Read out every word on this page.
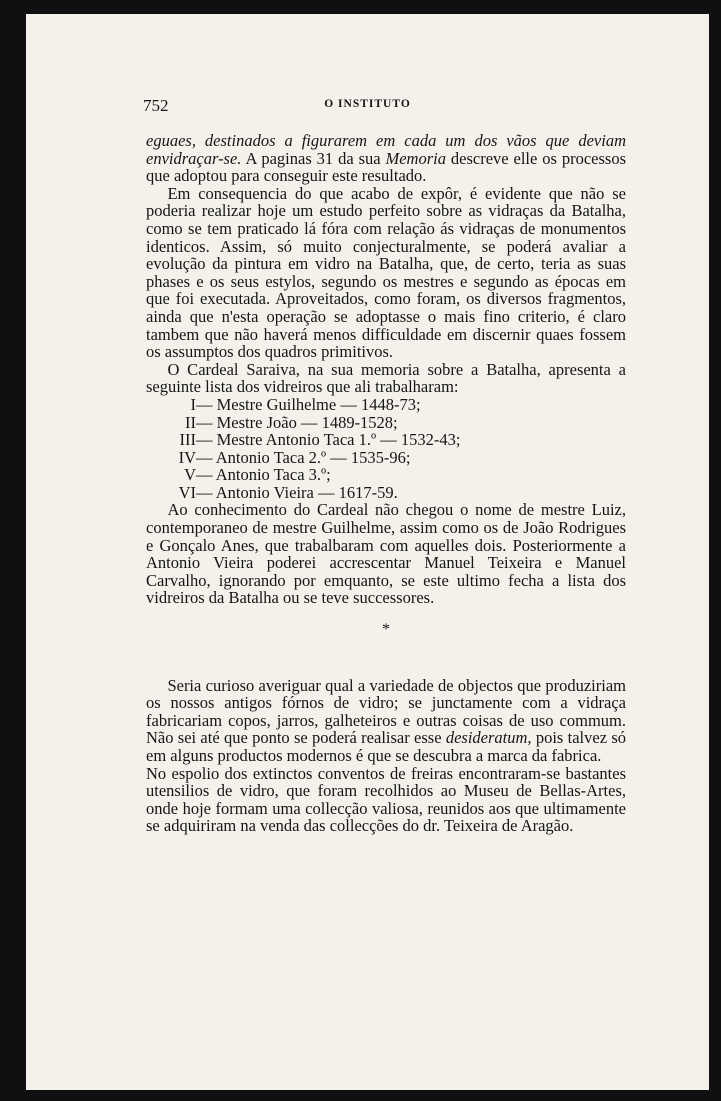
752	O INSTITUTO

eguaes, destinados a figurarem em cada um dos vãos que deviam envidraçar-se. A paginas 31 da sua Memoria descreve elle os processos que adoptou para conseguir este resultado.

Em consequencia do que acabo de expôr, é evidente que não se poderia realizar hoje um estudo perfeito sobre as vidraças da Batalha, como se tem praticado lá fóra com relação ás vidraças de monumentos identicos. Assim, só muito conjecturalmente, se poderá avaliar a evolução da pintura em vidro na Batalha, que, de certo, teria as suas phases e os seus estylos, segundo os mestres e segundo as épocas em que foi executada. Aproveitados, como foram, os diversos fragmentos, ainda que n'esta operação se adoptasse o mais fino criterio, é claro tambem que não haverá menos difficuldade em discernir quaes fossem os assumptos dos quadros primitivos.

O Cardeal Saraiva, na sua memoria sobre a Batalha, apresenta a seguinte lista dos vidreiros que ali trabalharam:

I— Mestre Guilhelme — 1448-73;
II— Mestre João — 1489-1528;
III— Mestre Antonio Taca 1.º — 1532-43;
IV— Antonio Taca 2.º — 1535-96;
V— Antonio Taca 3.º;
VI— Antonio Vieira — 1617-59.

Ao conhecimento do Cardeal não chegou o nome de mestre Luiz, contemporaneo de mestre Guilhelme, assim como os de João Rodrigues e Gonçalo Anes, que trabalbaram com aquelles dois. Posteriormente a Antonio Vieira poderei accrescentar Manuel Teixeira e Manuel Carvalho, ignorando por emquanto, se este ultimo fecha a lista dos vidreiros da Batalha ou se teve successores.

*

Seria curioso averiguar qual a variedade de objectos que produziriam os nossos antigos fórnos de vidro; se junctamente com a vidraça fabricariam copos, jarros, galheteiros e outras coisas de uso commum. Não sei até que ponto se poderá realisar esse desideratum, pois talvez só em alguns productos modernos é que se descubra a marca da fabrica.

No espolio dos extinctos conventos de freiras encontraram-se bastantes utensilios de vidro, que foram recolhidos ao Museu de Bellas-Artes, onde hoje formam uma collecção valiosa, reunidos aos que ultimamente se adquiriram na venda das collecções do dr. Teixeira de Aragão.
